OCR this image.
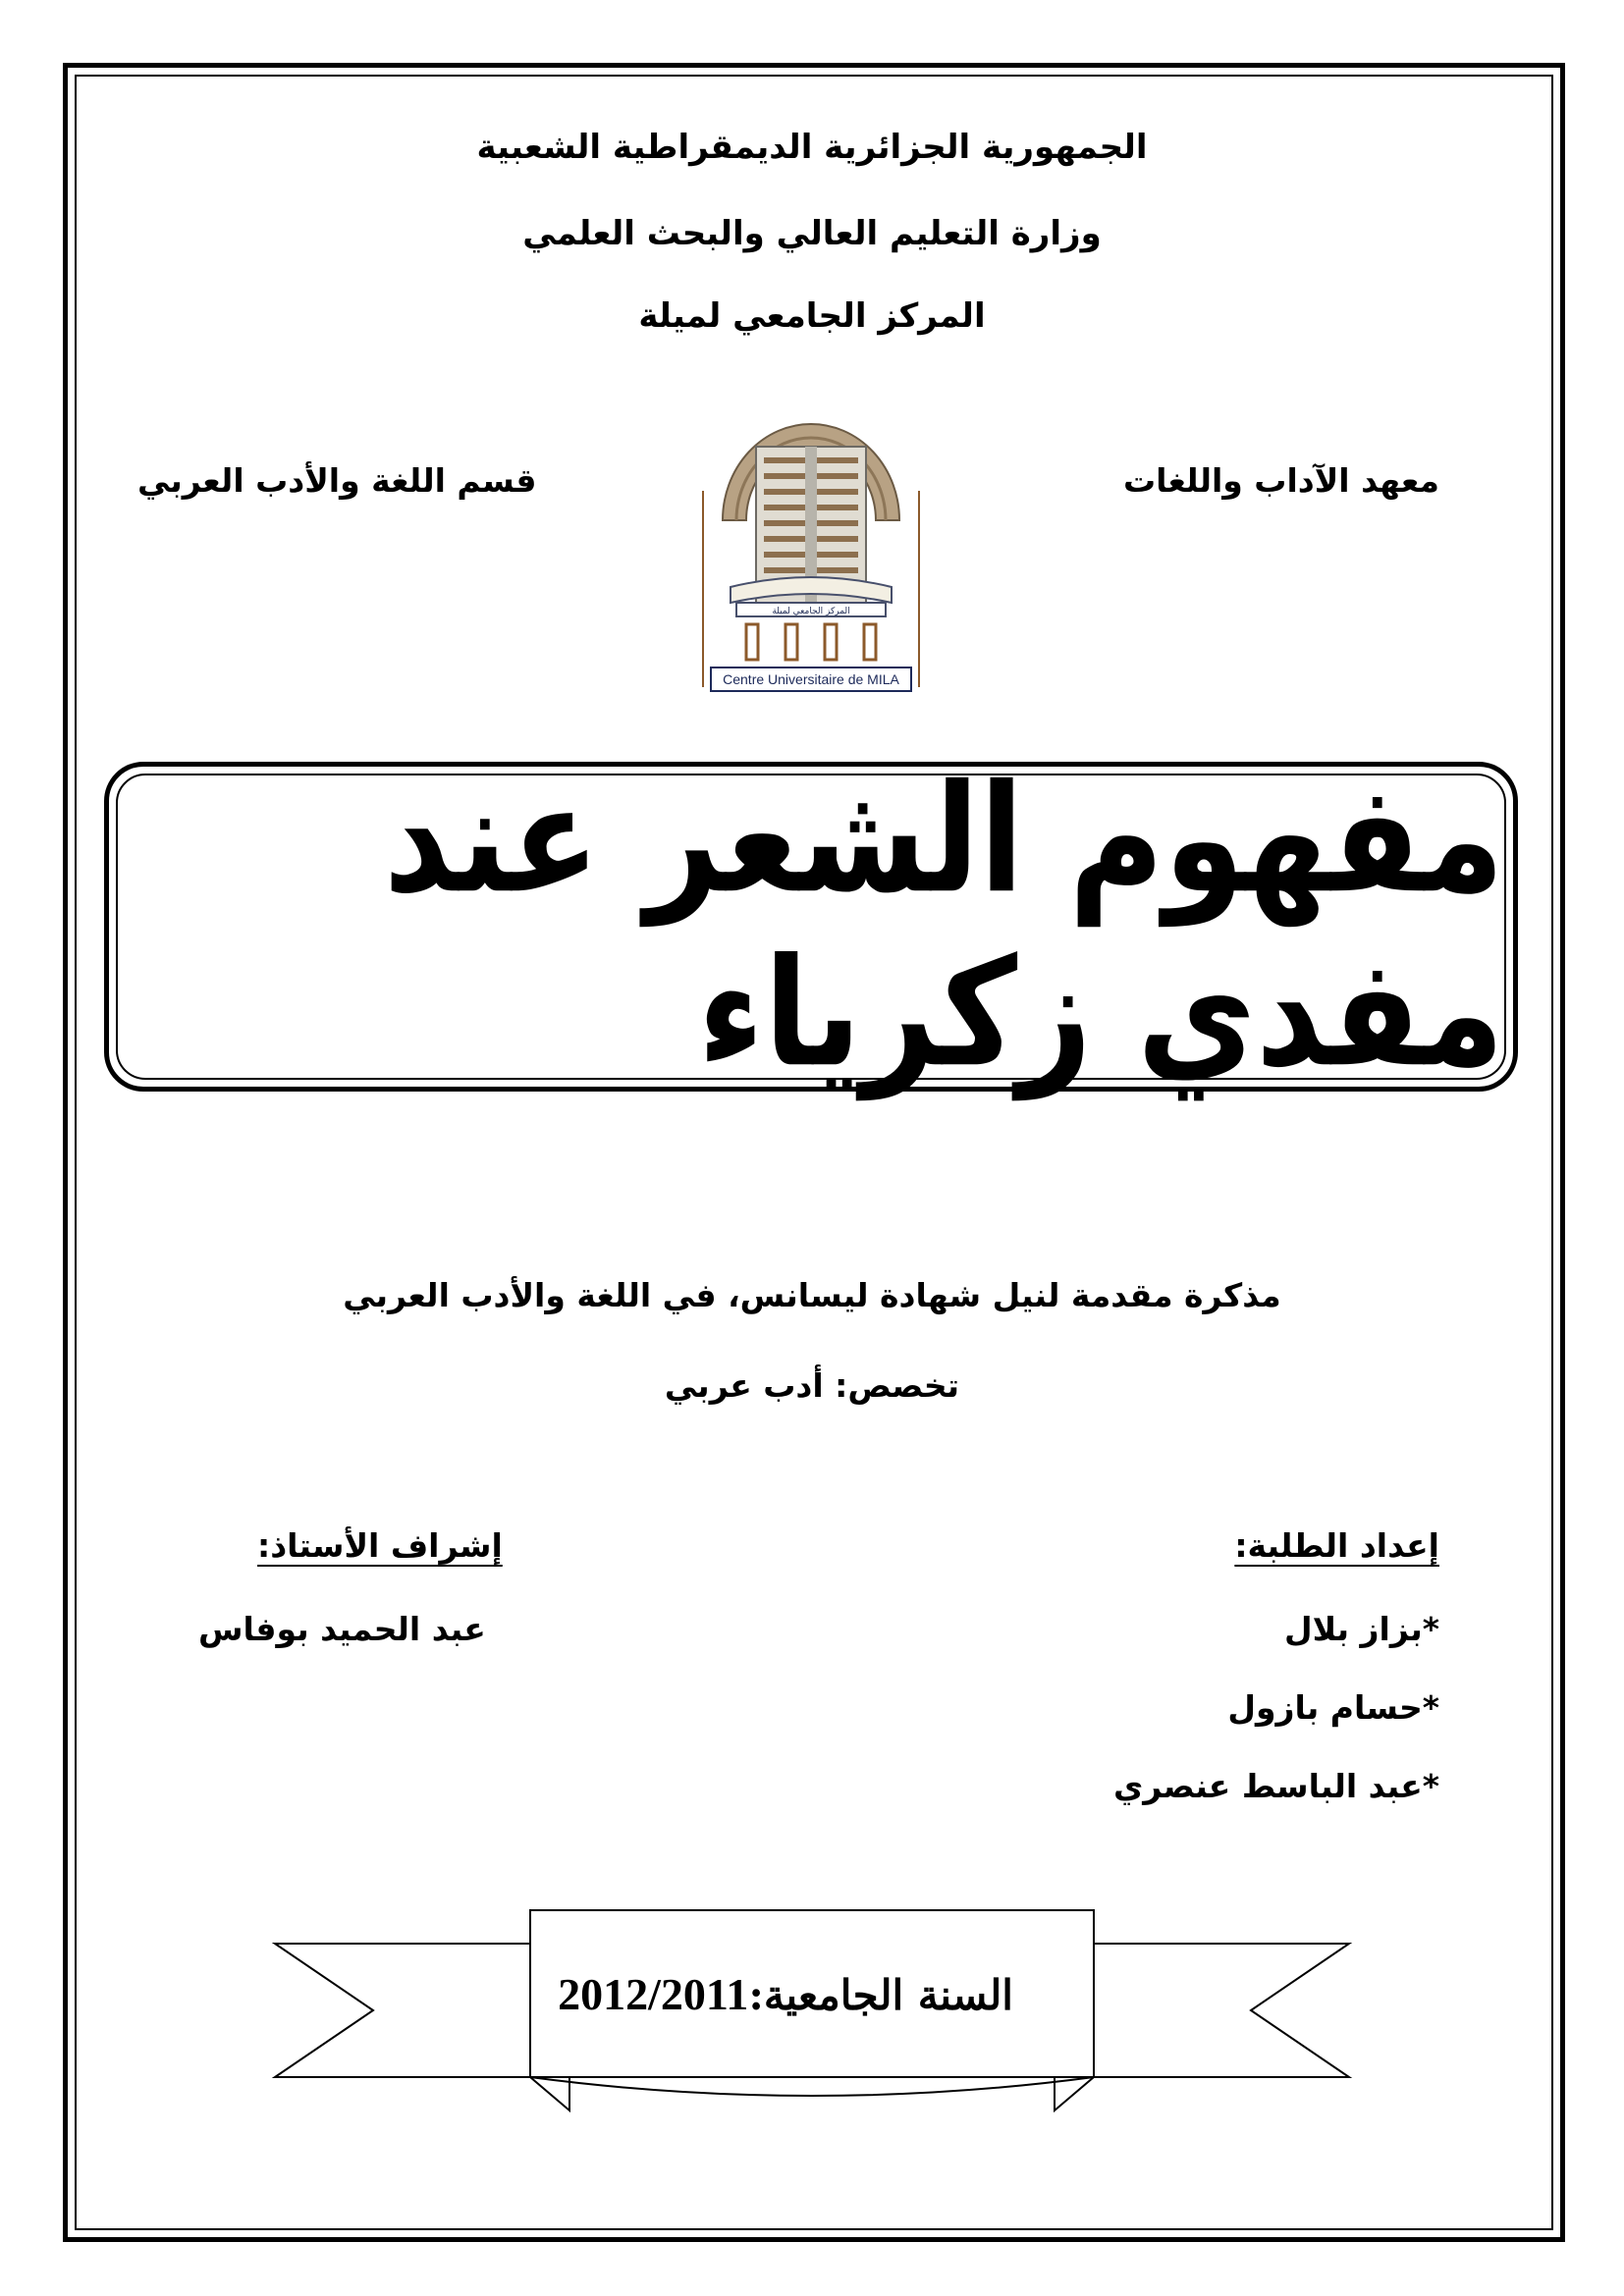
الجمهورية الجزائرية الديمقراطية الشعبية
وزارة التعليم العالي والبحث العلمي
المركز الجامعي لميلة
معهد الآداب واللغات
قسم اللغة والأدب العربي
المركز الجامعي لميلة
Centre Universitaire de MILA
مفهوم الشعر عند مفدي زكرياء
مذكرة مقدمة لنيل شهادة ليسانس، في اللغة والأدب العربي
تخصص: أدب عربي
إعداد الطلبة:
إشراف الأستاذ:
*بزاز بلال
عبد الحميد بوفاس
*حسام بازول
*عبد الباسط عنصري
السنة الجامعية:2012/2011
